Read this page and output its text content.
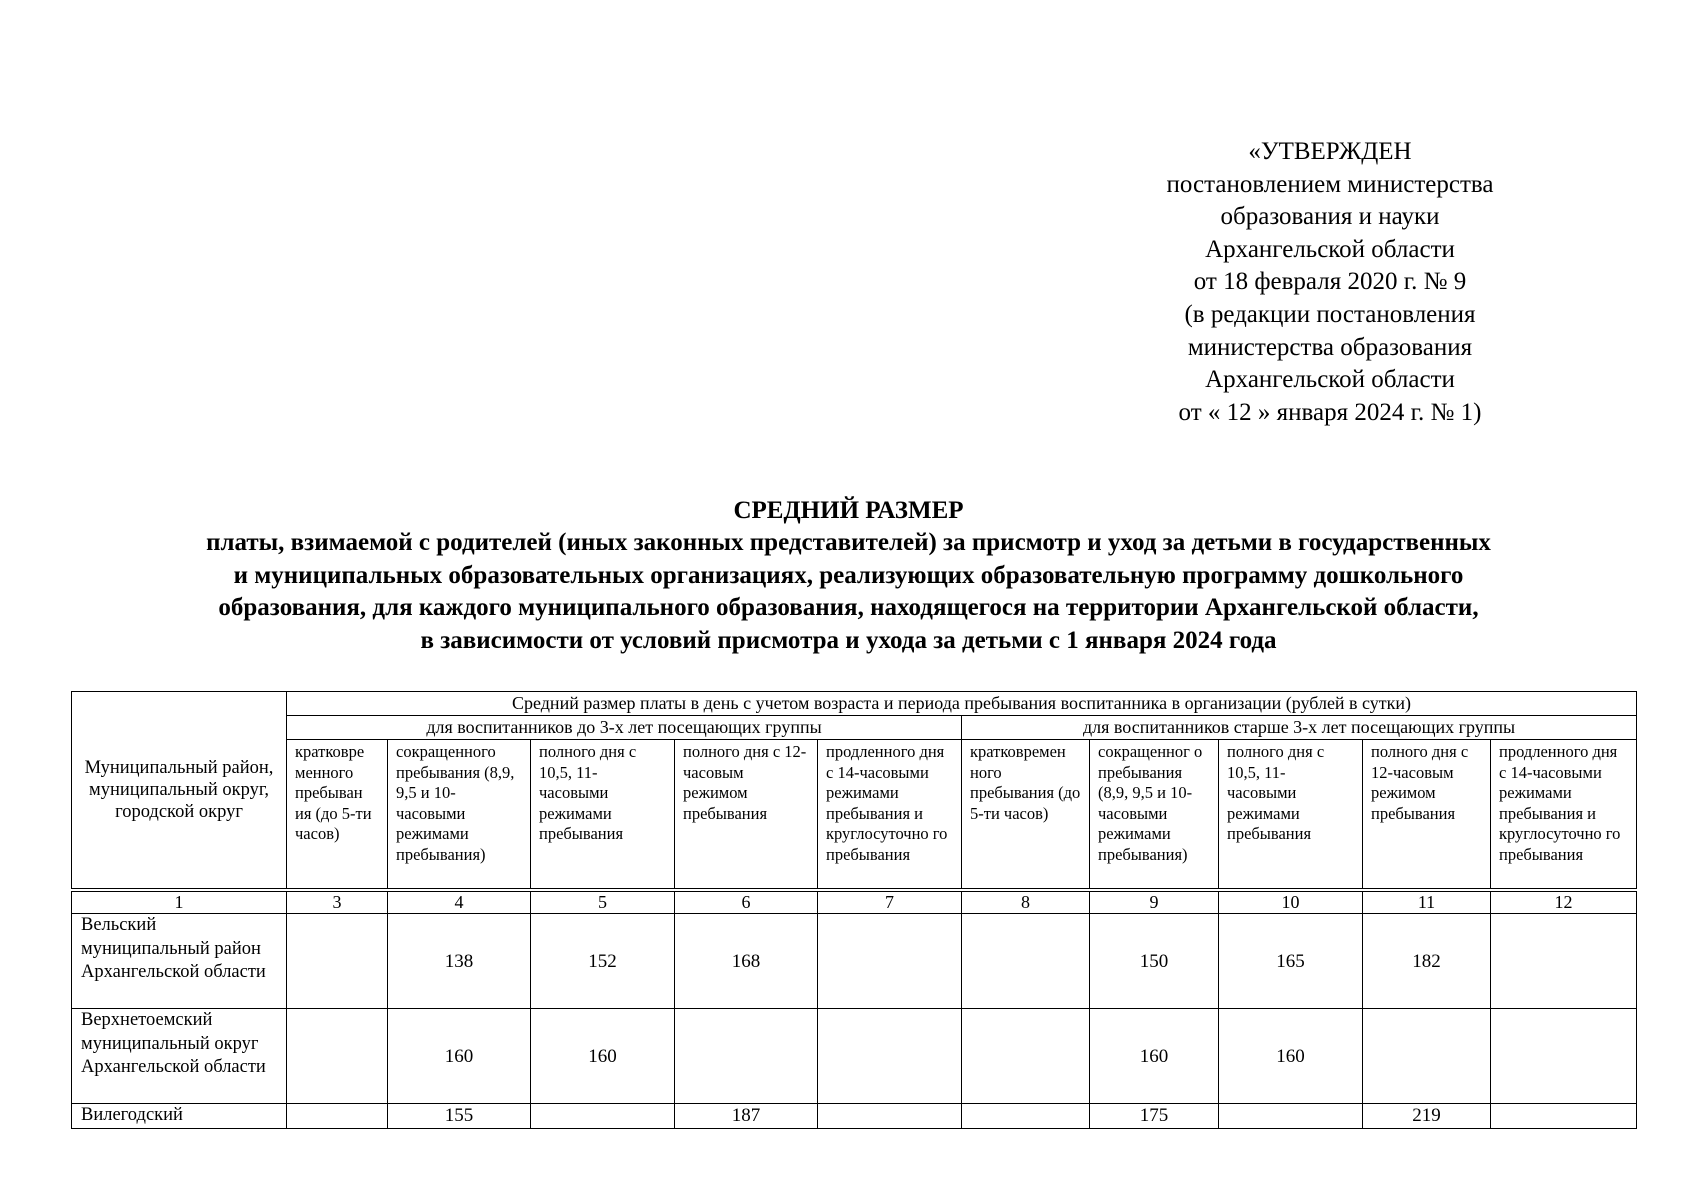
«УТВЕРЖДЕН
постановлением министерства
образования и науки
Архангельской области
от 18 февраля 2020 г. № 9
(в редакции постановления
министерства образования
Архангельской области
от « 12 » января 2024 г. № 1)
СРЕДНИЙ РАЗМЕР
платы, взимаемой с родителей (иных законных представителей) за присмотр и уход за детьми в государственных
и муниципальных образовательных организациях, реализующих образовательную программу дошкольного
образования, для каждого муниципального образования, находящегося на территории Архангельской области,
в зависимости от условий присмотра и ухода за детьми с 1 января 2024 года
Муниципальный район, муниципальный округ, городской округ	Средний размер платы в день с учетом возраста и периода пребывания воспитанника в организации (рублей в сутки)									
	для воспитанников до 3-х лет посещающих группы					для воспитанников старше 3-х лет посещающих группы				
	кратковре менного пребыван ия (до 5-ти часов)	сокращенного пребывания (8,9, 9,5 и 10-часовыми режимами пребывания)	полного дня с 10,5, 11-часовыми режимами пребывания	полного дня с 12-часовым режимом пребывания	продленного дня с 14-часовыми режимами пребывания и круглосуточно го пребывания	кратковремен ного пребывания (до 5-ти часов)	сокращенног о пребывания (8,9, 9,5 и 10-часовыми режимами пребывания)	полного дня с 10,5, 11-часовыми режимами пребывания	полного дня с 12-часовым режимом пребывания	продленного дня с 14-часовыми режимами пребывания и круглосуточно го пребывания

1	3	4	5	6	7	8	9	10	11	12
Вельский муниципальный район Архангельской области		138	152	168			150	165	182	
Верхнетоемский муниципальный округ Архангельской области		160	160				160	160		
Вилегодский		155		187			175		219	
